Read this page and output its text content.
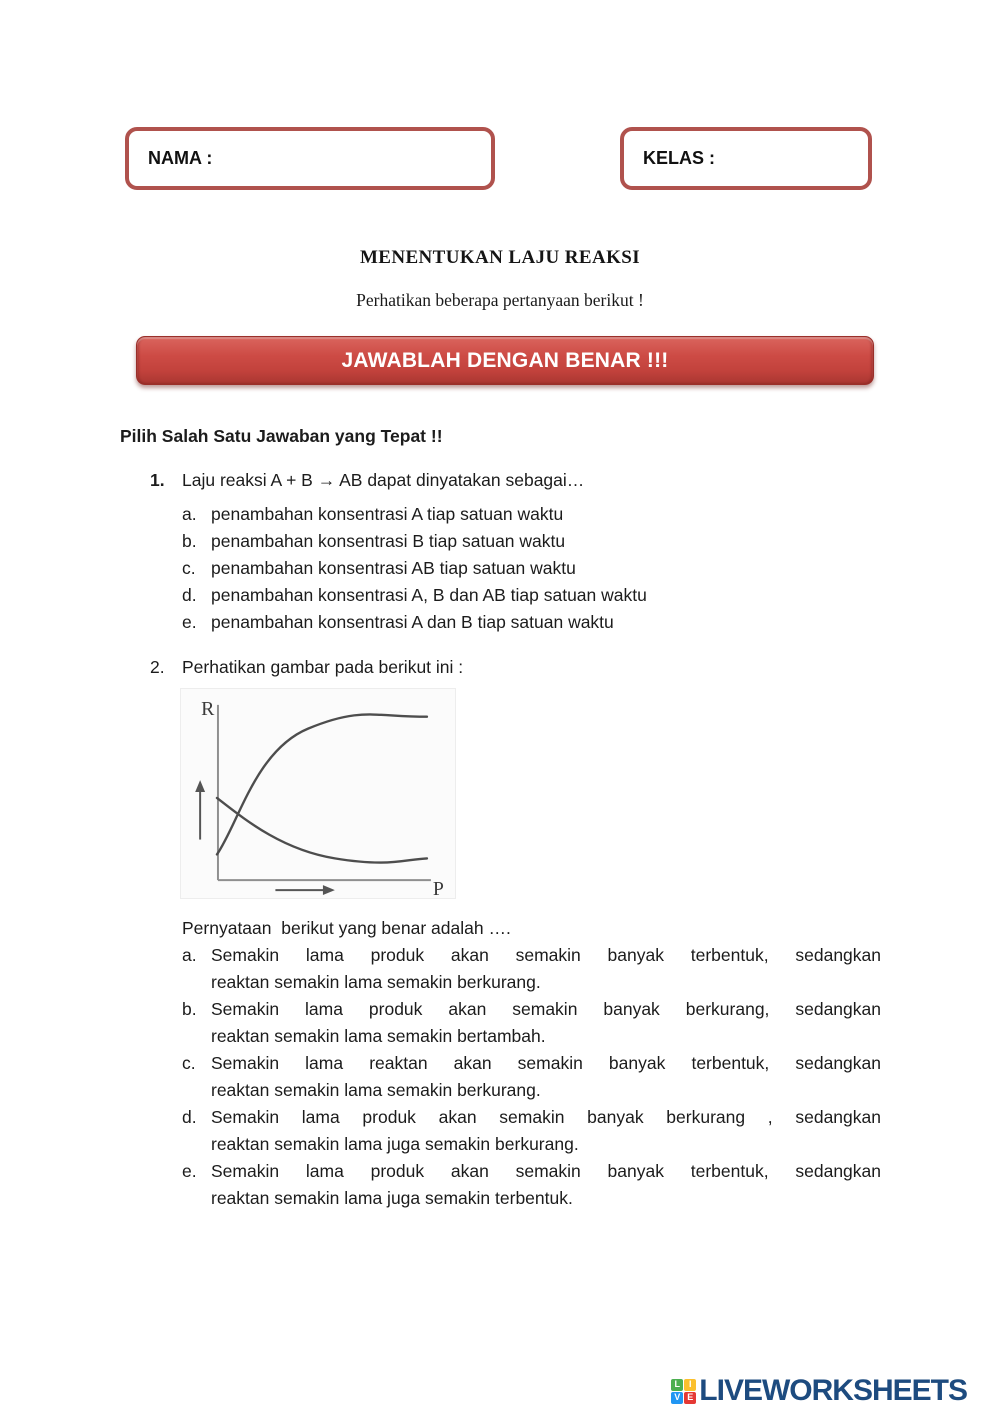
NAMA :	KELAS :
MENENTUKAN LAJU REAKSI
Perhatikan beberapa pertanyaan berikut !
JAWABLAH DENGAN BENAR !!!
Pilih Salah Satu Jawaban yang Tepat !!
1. Laju reaksi A + B → AB dapat dinyatakan sebagai…
a. penambahan konsentrasi A tiap satuan waktu
b. penambahan konsentrasi B tiap satuan waktu
c. penambahan konsentrasi AB tiap satuan waktu
d. penambahan konsentrasi A, B dan AB tiap satuan waktu
e. penambahan konsentrasi A dan B tiap satuan waktu
2. Perhatikan gambar pada berikut ini :
R
P
Pernyataan  berikut yang benar adalah ….
a. Semakin lama produk akan semakin banyak terbentuk, sedangkan
reaktan semakin lama semakin berkurang.
b. Semakin lama produk akan semakin banyak berkurang, sedangkan
reaktan semakin lama semakin bertambah.
c. Semakin lama reaktan akan semakin banyak terbentuk, sedangkan
reaktan semakin lama semakin berkurang.
d. Semakin lama produk akan semakin banyak berkurang , sedangkan
reaktan semakin lama juga semakin berkurang.
e. Semakin lama produk akan semakin banyak terbentuk, sedangkan
reaktan semakin lama juga semakin terbentuk.
L I
V E LIVEWORKSHEETS
